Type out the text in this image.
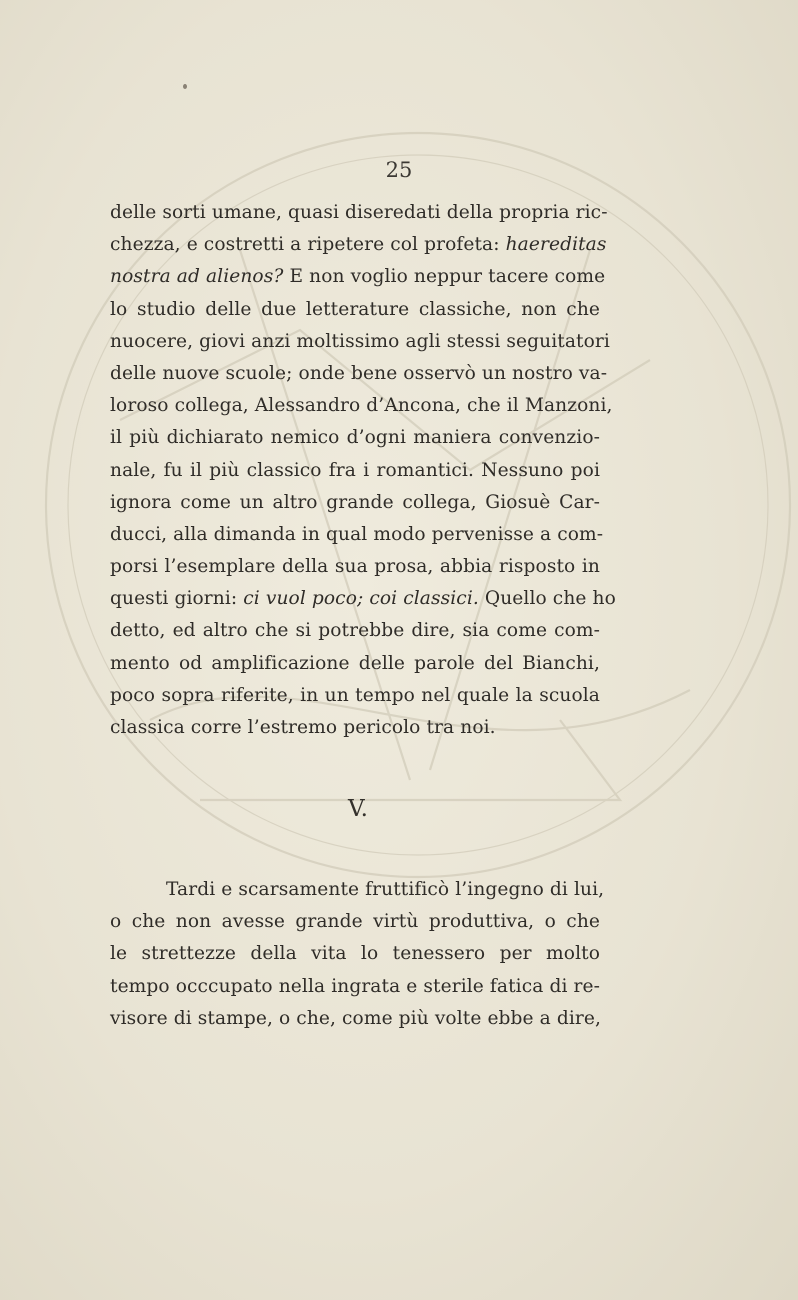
25
delle sorti umane, quasi diseredati della propria ric-
chezza, e costretti a ripetere col profeta: haereditas
nostra ad alienos? E non voglio neppur tacere come
lo studio delle due letterature classiche, non che
nuocere, giovi anzi moltissimo agli stessi seguitatori
delle nuove scuole; onde bene osservò un nostro va-
loroso collega, Alessandro d’Ancona, che il Manzoni,
il più dichiarato nemico d’ogni maniera convenzio-
nale, fu il più classico fra i romantici. Nessuno poi
ignora come un altro grande collega, Giosuè Car-
ducci, alla dimanda in qual modo pervenisse a com-
porsi l’esemplare della sua prosa, abbia risposto in
questi giorni: ci vuol poco; coi classici. Quello che ho
detto, ed altro che si potrebbe dire, sia come com-
mento od amplificazione delle parole del Bianchi,
poco sopra riferite, in un tempo nel quale la scuola
classica corre l’estremo pericolo tra noi.
V.
Tardi e scarsamente fruttificò l’ingegno di lui,
o che non avesse grande virtù produttiva, o che
le strettezze della vita lo tenessero per molto
tempo occcupato nella ingrata e sterile fatica di re-
visore di stampe, o che, come più volte ebbe a dire,
